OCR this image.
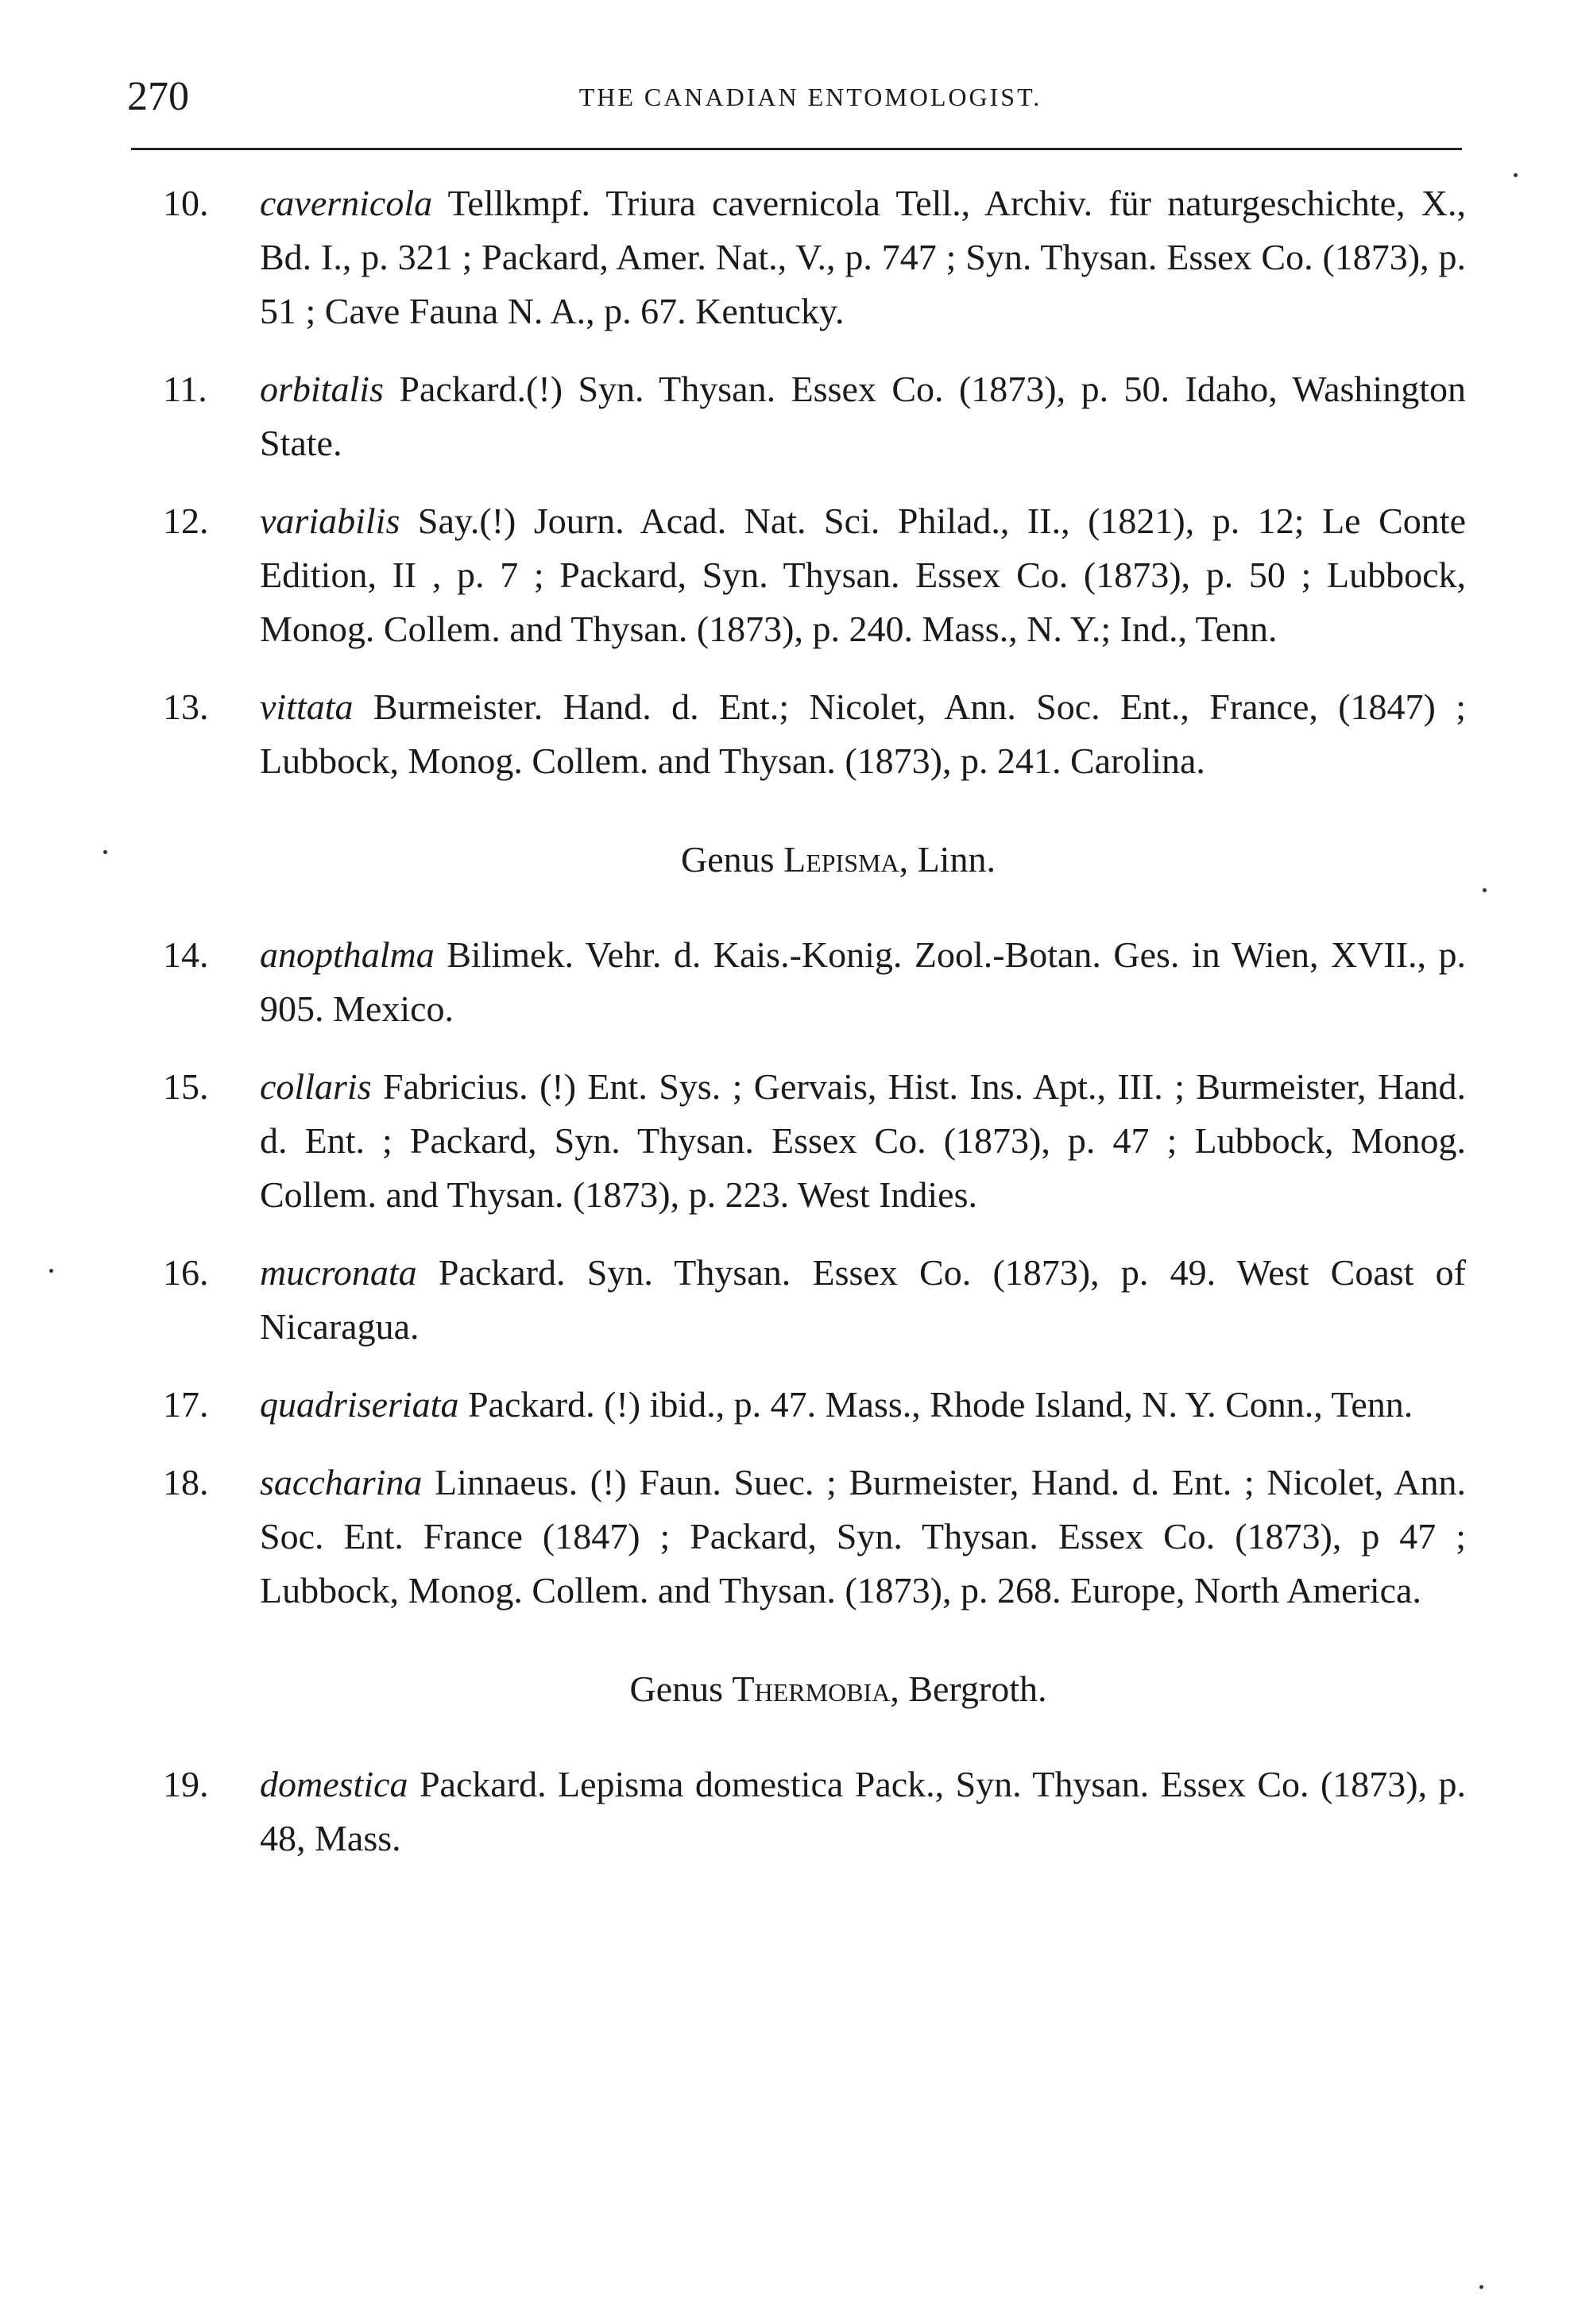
270	THE CANADIAN ENTOMOLOGIST.
10. cavernicola Tellkmpf. Triura cavernicola Tell., Archiv. für naturgeschichte, X., Bd. I., p. 321 ; Packard, Amer. Nat., V., p. 747 ; Syn. Thysan. Essex Co. (1873), p. 51 ; Cave Fauna N. A., p. 67. Kentucky.
11. orbitalis Packard.(!) Syn. Thysan. Essex Co. (1873), p. 50. Idaho, Washington State.
12. variabilis Say.(!) Journ. Acad. Nat. Sci. Philad., II., (1821), p. 12; Le Conte Edition, II , p. 7 ; Packard, Syn. Thysan. Essex Co. (1873), p. 50 ; Lubbock, Monog. Collem. and Thysan. (1873), p. 240. Mass., N. Y.; Ind., Tenn.
13. vittata Burmeister. Hand. d. Ent.; Nicolet, Ann. Soc. Ent., France, (1847) ; Lubbock, Monog. Collem. and Thysan. (1873), p. 241. Carolina.
Genus Lepisma, Linn.
14. anopthalma Bilimek. Vehr. d. Kais.-Konig. Zool.-Botan. Ges. in Wien, XVII., p. 905. Mexico.
15. collaris Fabricius. (!) Ent. Sys. ; Gervais, Hist. Ins. Apt., III. ; Burmeister, Hand. d. Ent. ; Packard, Syn. Thysan. Essex Co. (1873), p. 47 ; Lubbock, Monog. Collem. and Thysan. (1873), p. 223. West Indies.
16. mucronata Packard. Syn. Thysan. Essex Co. (1873), p. 49. West Coast of Nicaragua.
17. quadriseriata Packard. (!) ibid., p. 47. Mass., Rhode Island, N. Y. Conn., Tenn.
18. saccharina Linnaeus. (!) Faun. Suec. ; Burmeister, Hand. d. Ent. ; Nicolet, Ann. Soc. Ent. France (1847) ; Packard, Syn. Thysan. Essex Co. (1873), p 47 ; Lubbock, Monog. Collem. and Thysan. (1873), p. 268. Europe, North America.
Genus Thermobia, Bergroth.
19. domestica Packard. Lepisma domestica Pack., Syn. Thysan. Essex Co. (1873), p. 48, Mass.
